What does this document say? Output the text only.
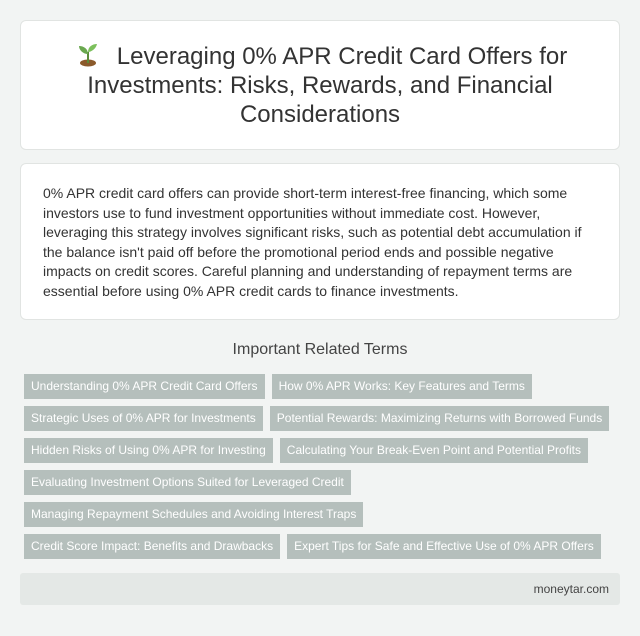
Leveraging 0% APR Credit Card Offers for Investments: Risks, Rewards, and Financial Considerations

0% APR credit card offers can provide short-term interest-free financing, which some investors use to fund investment opportunities without immediate cost. However, leveraging this strategy involves significant risks, such as potential debt accumulation if the balance isn't paid off before the promotional period ends and possible negative impacts on credit scores. Careful planning and understanding of repayment terms are essential before using 0% APR credit cards to finance investments.

Important Related Terms
Understanding 0% APR Credit Card Offers	How 0% APR Works: Key Features and Terms
Strategic Uses of 0% APR for Investments	Potential Rewards: Maximizing Returns with Borrowed Funds
Hidden Risks of Using 0% APR for Investing	Calculating Your Break-Even Point and Potential Profits
Evaluating Investment Options Suited for Leveraged Credit
Managing Repayment Schedules and Avoiding Interest Traps
Credit Score Impact: Benefits and Drawbacks	Expert Tips for Safe and Effective Use of 0% APR Offers
moneytar.com
